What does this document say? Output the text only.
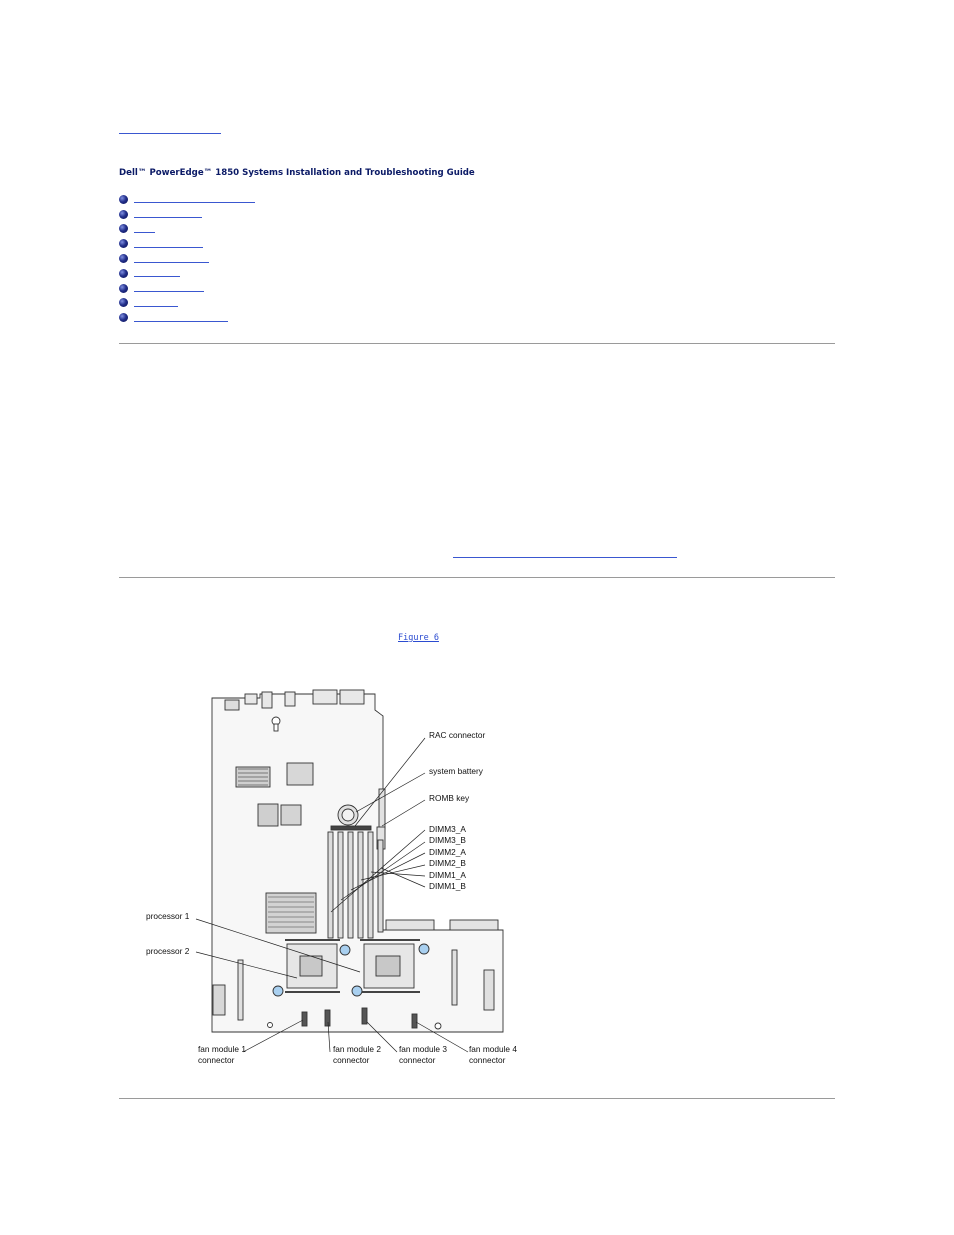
Dell™ PowerEdge™ 1850 Systems Installation and Troubleshooting Guide
Figure 6
RAC connector
system battery
ROMB key
DIMM3_A
DIMM3_B
DIMM2_A
DIMM2_B
DIMM1_A
DIMM1_B
processor 1
processor 2
fan module 1
connector
fan module 2
connector
fan module 3
connector
fan module 4
connector
